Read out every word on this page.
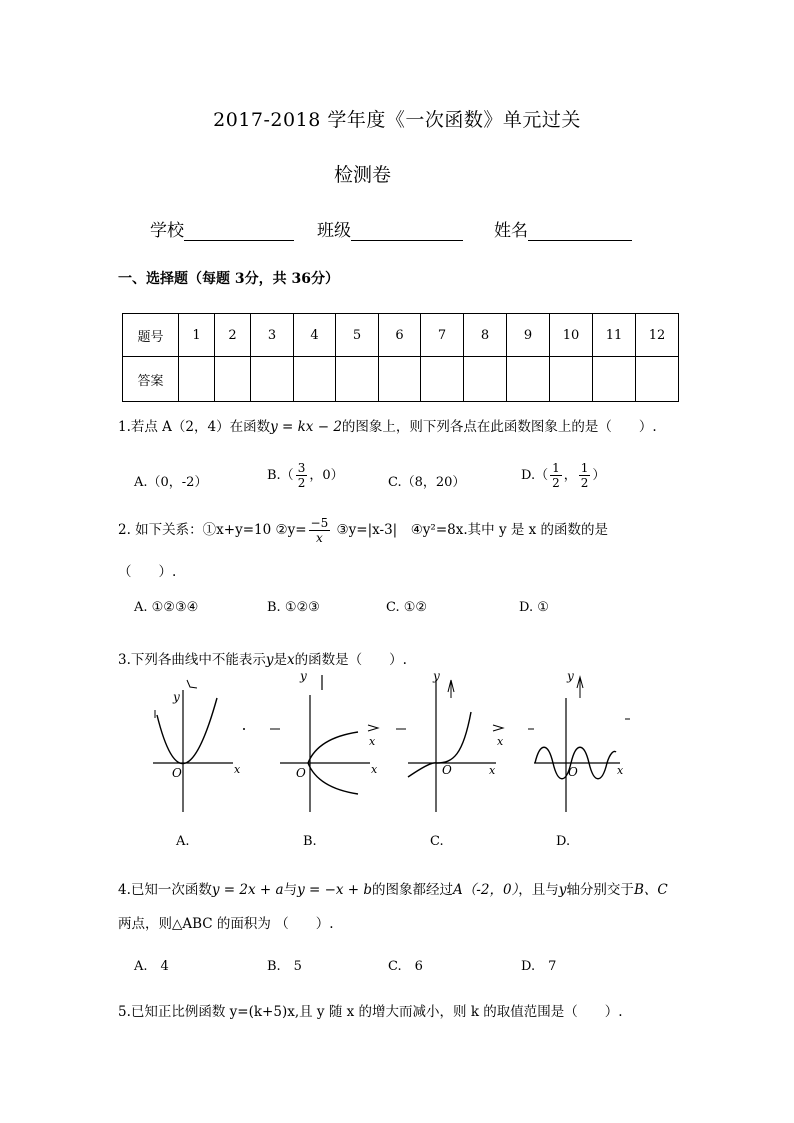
2017-2018 学年度《一次函数》单元过关
检测卷
学校	班级	姓名
一、选择题（每题 3分，共 36分）
题号	1	2	3	4	5	6	7	8	9	10	11	12
答案												
1.若点 A（2，4）在函数y = kx − 2的图象上，则下列各点在此函数图象上的是（　　）.
A.（0，-2）	$B.( \frac{3}{2}$ ，0）	C.（8，20）	$D.( \frac{1}{2}$ ， $\frac{1}{2}$ ）
2. 如下关系：①x+y=10 ②y= $\frac{-5}{x}$ ③y=|x-3|　④y²=8x.其中 y 是 x 的函数的是
（　　）.
A. ①②③④	B. ①②③	C. ①②	D. ①
3.下列各曲线中不能表示y是x的函数是（　　）.
y
O	x
y
O
x
x
y
O
x
x
y
O	x
A.	B.	C.	D.
4.已知一次函数y = 2x + a与y = −x + b的图象都经过A（-2，0），且与y轴分别交于B、C
两点，则△ABC 的面积为 （　　）.
A.　4	B.　5	C.　6	D.　7
5.已知正比例函数 y=(k+5)x,且 y 随 x 的增大而减小，则 k 的取值范围是（　　）.
